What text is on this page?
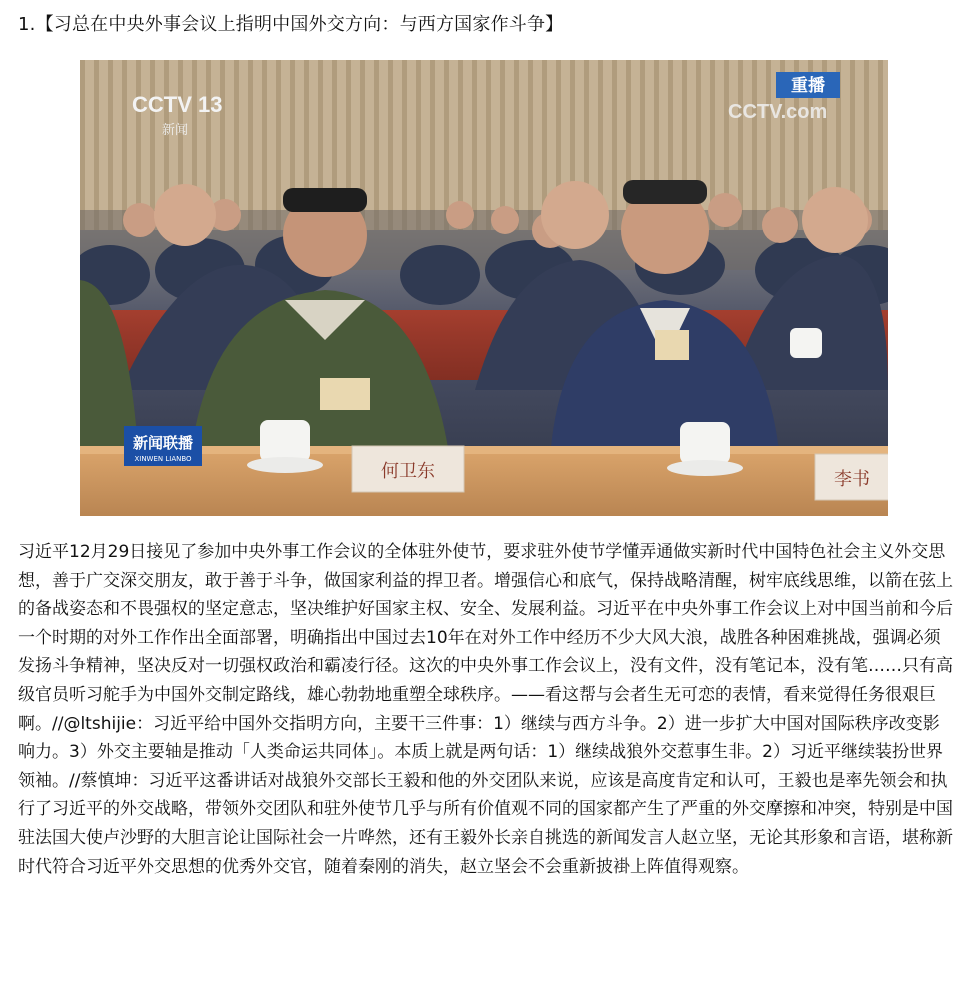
1.【习总在中央外事会议上指明中国外交方向：与西方国家作斗争】
何卫东	李书
CCTV 13
新闻
重播
CCTV.com
新闻联播
XINWEN LIANBO

习近平12月29日接见了参加中央外事工作会议的全体驻外使节，要求驻外使节学懂弄通做实新时代中国特色社会主义外交思想，善于广交深交朋友，敢于善于斗争，做国家利益的捍卫者。增强信心和底气，保持战略清醒，树牢底线思维，以箭在弦上的备战姿态和不畏强权的坚定意志，坚决维护好国家主权、安全、发展利益。习近平在中央外事工作会议上对中国当前和今后一个时期的对外工作作出全面部署，明确指出中国过去10年在对外工作中经历不少大风大浪，战胜各种困难挑战，强调必须发扬斗争精神，坚决反对一切强权政治和霸凌行径。这次的中央外事工作会议上，没有文件，没有笔记本，没有笔……只有高级官员听习舵手为中国外交制定路线，雄心勃勃地重塑全球秩序。——看这帮与会者生无可恋的表情，看来觉得任务很艰巨啊。//@ltshijie：习近平给中国外交指明方向，主要干三件事：1）继续与西方斗争。2）进一步扩大中国对国际秩序改变影响力。3）外交主要轴是推动「人类命运共同体」。本质上就是两句话：1）继续战狼外交惹事生非。2）习近平继续装扮世界领袖。//蔡慎坤：习近平这番讲话对战狼外交部长王毅和他的外交团队来说，应该是高度肯定和认可，王毅也是率先领会和执行了习近平的外交战略，带领外交团队和驻外使节几乎与所有价值观不同的国家都产生了严重的外交摩擦和冲突，特别是中国驻法国大使卢沙野的大胆言论让国际社会一片哗然，还有王毅外长亲自挑选的新闻发言人赵立坚，无论其形象和言语，堪称新时代符合习近平外交思想的优秀外交官，随着秦刚的消失，赵立坚会不会重新披褂上阵值得观察。
